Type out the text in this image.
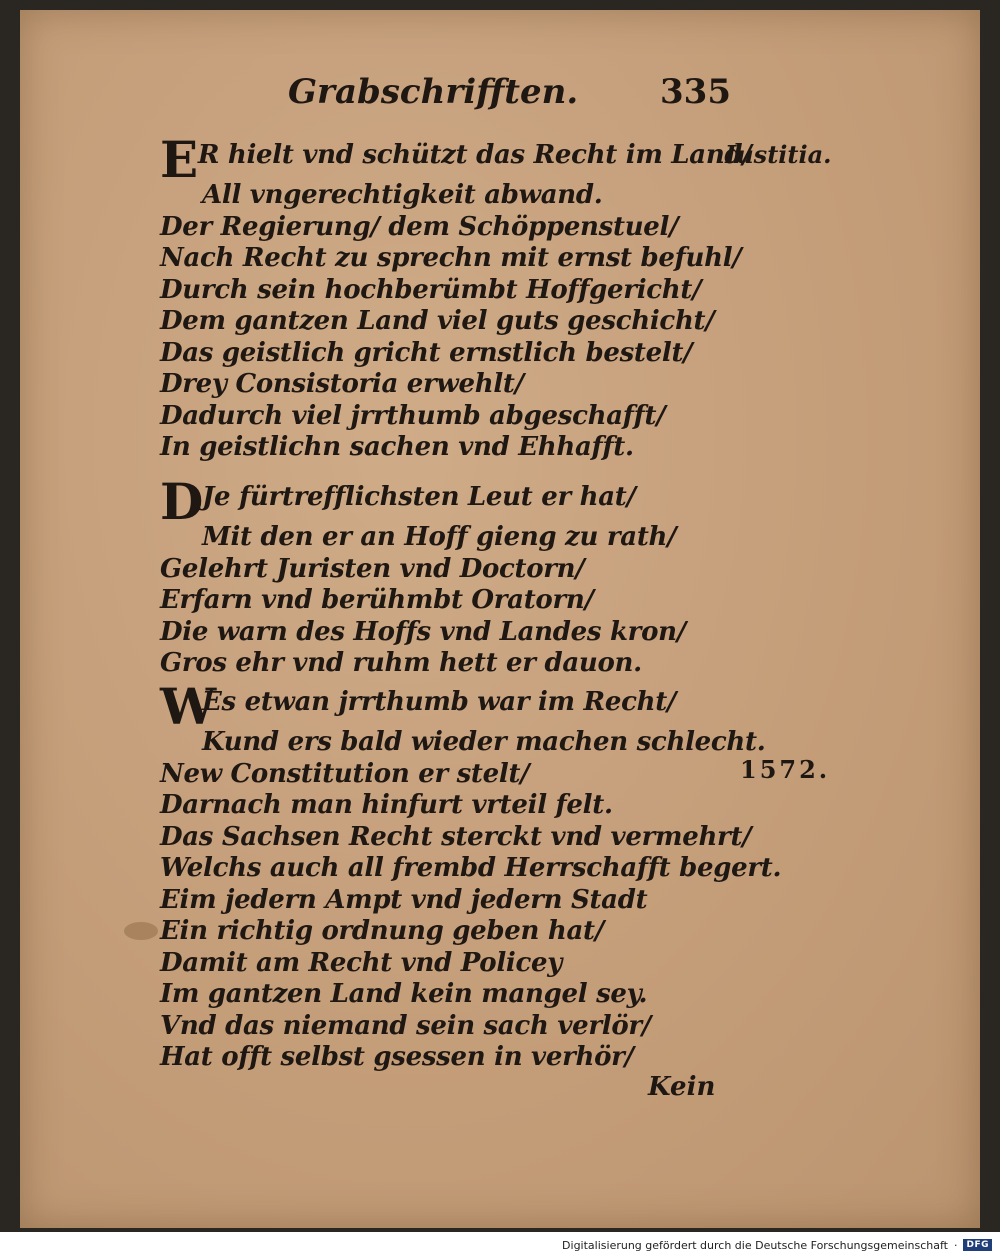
Grabschrifften. 335
E R hielt vnd schützt das Recht im Land/
All vngerechtigkeit abwand.
Der Regierung/ dem Schöppenstuel/
Nach Recht zu sprechn mit ernst befuhl/
Durch sein hochberümbt Hoffgericht/
Dem gantzen Land viel guts geschicht/
Das geistlich gricht ernstlich bestelt/
Drey Consistoria erwehlt/
Dadurch viel jrrthumb abgeschafft/
In geistlichn sachen vnd Ehhafft.
D
Je fürtrefflichsten Leut er hat/
Mit den er an Hoff gieng zu rath/
Gelehrt Juristen vnd Doctorn/
Erfarn vnd berühmbt Oratorn/
Die warn des Hoffs vnd Landes kron/
Gros ehr vnd ruhm hett er dauon.
W
Es etwan jrrthumb war im Recht/
Kund ers bald wieder machen schlecht.
New Constitution er stelt/
Darnach man hinfurt vrteil felt.
Das Sachsen Recht sterckt vnd vermehrt/
Welchs auch all frembd Herrschafft begert.
Eim jedern Ampt vnd jedern Stadt
Ein richtig ordnung geben hat/
Damit am Recht vnd Policey
Im gantzen Land kein mangel sey.
Vnd das niemand sein sach verlör/
Hat offt selbst gsessen in verhör/
Iustitia.
1572.
Kein
Digitalisierung gefördert durch die Deutsche Forschungsgemeinschaft ·	DFG
